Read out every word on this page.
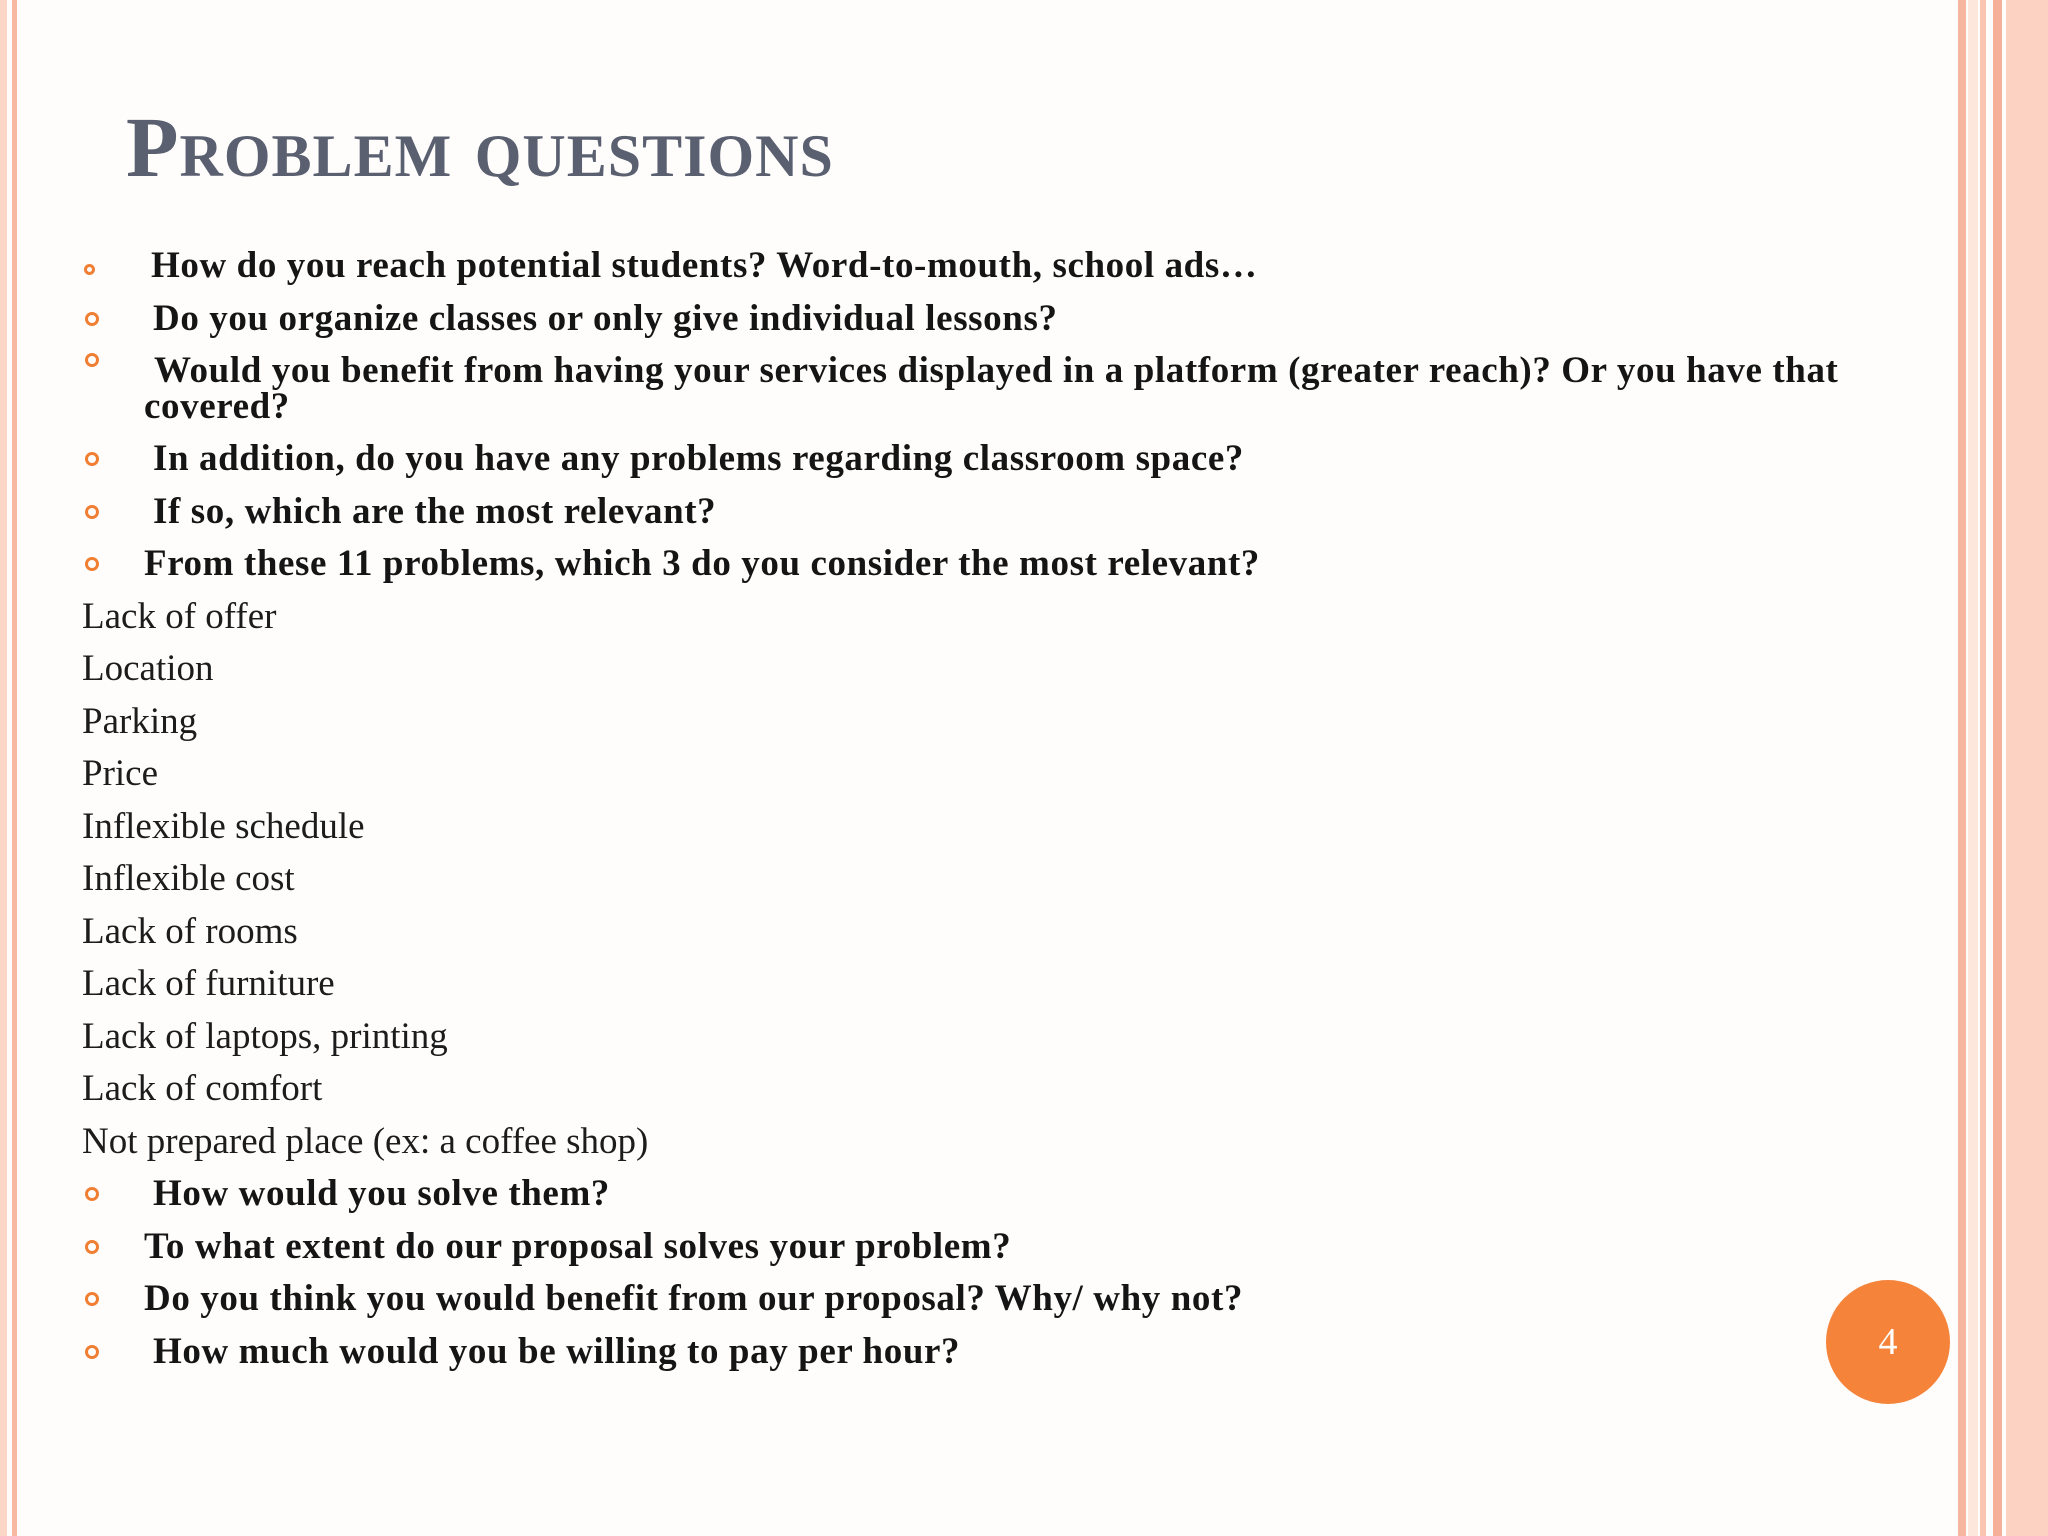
Problem questions
How do you reach potential students? Word-to-mouth, school ads…
Do you organize classes or only give individual lessons?
Would you benefit from having your services displayed in a platform (greater reach)? Or you have that covered?
In addition, do you have any problems regarding classroom space?
If so, which are the most relevant?
From these 11 problems, which 3 do you consider the most relevant?
Lack of offer
Location
Parking
Price
Inflexible schedule
Inflexible cost
Lack of rooms
Lack of furniture
Lack of laptops, printing
Lack of comfort
Not prepared place (ex: a coffee shop)
How would you solve them?
To what extent do our proposal solves your problem?
Do you think you would benefit from our proposal? Why/ why not?
How much would you be willing to pay per hour?	4
